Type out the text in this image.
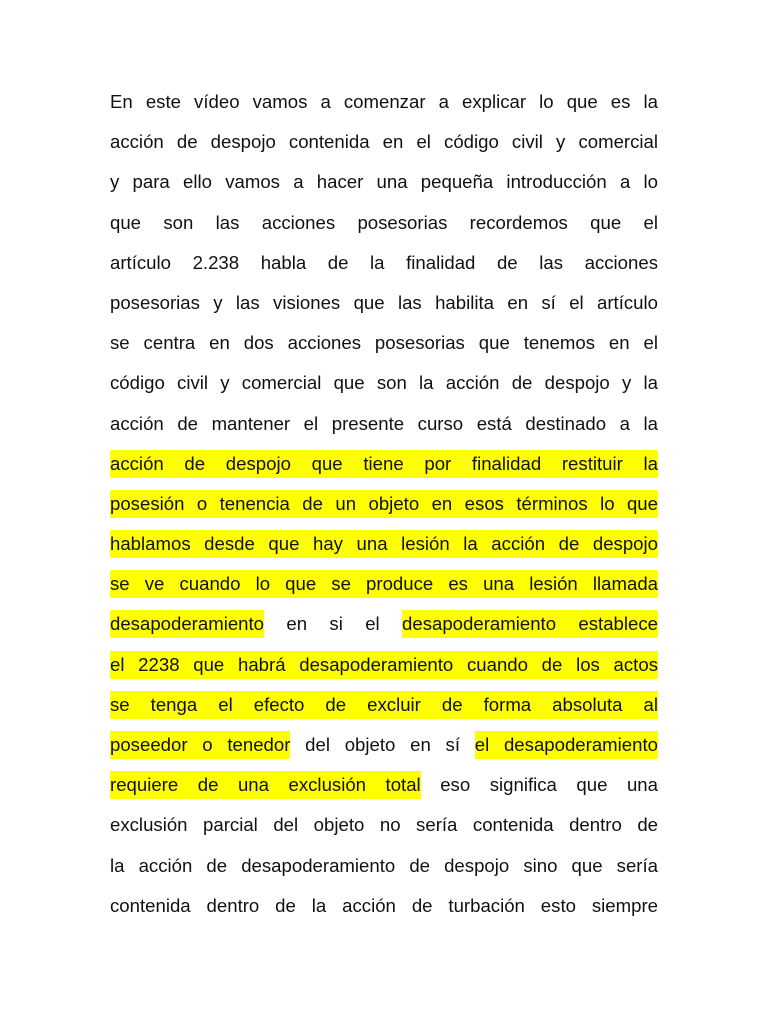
En este vídeo vamos a comenzar a explicar lo que es la
acción de despojo contenida en el código civil y comercial
y para ello vamos a hacer una pequeña introducción a lo
que son las acciones posesorias recordemos que el
artículo 2.238 habla de la finalidad de las acciones
posesorias y las visiones que las habilita en sí el artículo
se centra en dos acciones posesorias que tenemos en el
código civil y comercial que son la acción de despojo y la
acción de mantener el presente curso está destinado a la
acción de despojo que tiene por finalidad restituir la
posesión o tenencia de un objeto en esos términos lo que
hablamos desde que hay una lesión la acción de despojo
se ve cuando lo que se produce es una lesión llamada
desapoderamiento en si el desapoderamiento establece
el 2238 que habrá desapoderamiento cuando de los actos
se tenga el efecto de excluir de forma absoluta al
poseedor o tenedor del objeto en sí el desapoderamiento
requiere de una exclusión total eso significa que una
exclusión parcial del objeto no sería contenida dentro de
la acción de desapoderamiento de despojo sino que sería
contenida dentro de la acción de turbación esto siempre
